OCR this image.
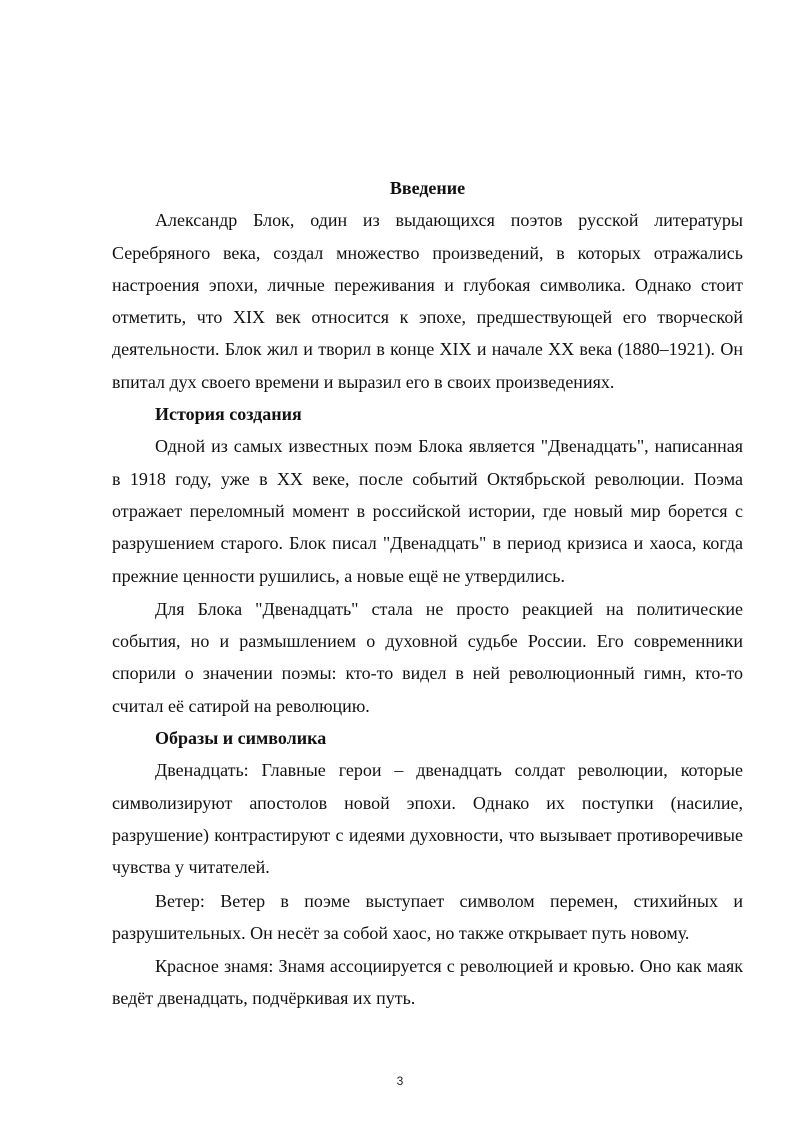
Введение

Александр Блок, один из выдающихся поэтов русской литературы Серебряного века, создал множество произведений, в которых отражались настроения эпохи, личные переживания и глубокая символика. Однако стоит отметить, что XIX век относится к эпохе, предшествующей его творческой деятельности. Блок жил и творил в конце XIX и начале XX века (1880–1921). Он впитал дух своего времени и выразил его в своих произведениях.

История создания

Одной из самых известных поэм Блока является "Двенадцать", написанная в 1918 году, уже в XX веке, после событий Октябрьской революции. Поэма отражает переломный момент в российской истории, где новый мир борется с разрушением старого. Блок писал "Двенадцать" в период кризиса и хаоса, когда прежние ценности рушились, а новые ещё не утвердились.

Для Блока "Двенадцать" стала не просто реакцией на политические события, но и размышлением о духовной судьбе России. Его современники спорили о значении поэмы: кто-то видел в ней революционный гимн, кто-то считал её сатирой на революцию.

Образы и символика

Двенадцать: Главные герои – двенадцать солдат революции, которые символизируют апостолов новой эпохи. Однако их поступки (насилие, разрушение) контрастируют с идеями духовности, что вызывает противоречивые чувства у читателей.

Ветер: Ветер в поэме выступает символом перемен, стихийных и разрушительных. Он несёт за собой хаос, но также открывает путь новому.

Красное знамя: Знамя ассоциируется с революцией и кровью. Оно как маяк ведёт двенадцать, подчёркивая их путь.

3
